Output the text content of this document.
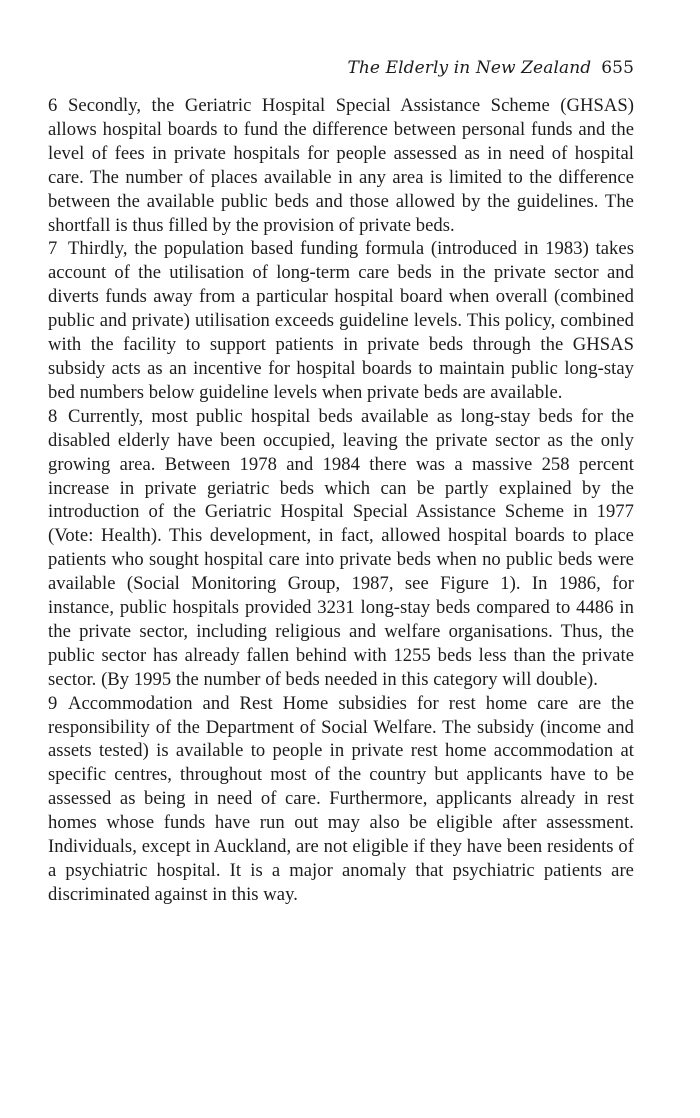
The Elderly in New Zealand 655

6 Secondly, the Geriatric Hospital Special Assistance Scheme (GHSAS) allows hospital boards to fund the difference between personal funds and the level of fees in private hospitals for people assessed as in need of hospital care. The number of places available in any area is limited to the difference between the available public beds and those allowed by the guidelines. The shortfall is thus filled by the provision of private beds.

7 Thirdly, the population based funding formula (introduced in 1983) takes account of the utilisation of long-term care beds in the private sector and diverts funds away from a particular hospital board when overall (combined public and private) utilisation exceeds guideline levels. This policy, combined with the facility to support patients in private beds through the GHSAS subsidy acts as an incentive for hospital boards to maintain public long-stay bed numbers below guideline levels when private beds are available.

8 Currently, most public hospital beds available as long-stay beds for the disabled elderly have been occupied, leaving the private sector as the only growing area. Between 1978 and 1984 there was a massive 258 percent increase in private geriatric beds which can be partly explained by the introduction of the Geriatric Hospital Special Assistance Scheme in 1977 (Vote: Health). This development, in fact, allowed hospital boards to place patients who sought hospital care into private beds when no public beds were available (Social Monitoring Group, 1987, see Figure 1). In 1986, for instance, public hospitals provided 3231 long-stay beds compared to 4486 in the private sector, including religious and welfare organisations. Thus, the public sector has already fallen behind with 1255 beds less than the private sector. (By 1995 the number of beds needed in this category will double).

9 Accommodation and Rest Home subsidies for rest home care are the responsibility of the Department of Social Welfare. The subsidy (income and assets tested) is available to people in private rest home accommodation at specific centres, throughout most of the country but applicants have to be assessed as being in need of care. Furthermore, applicants already in rest homes whose funds have run out may also be eligible after assessment. Individuals, except in Auckland, are not eligible if they have been residents of a psychiatric hospital. It is a major anomaly that psychiatric patients are discriminated against in this way.
